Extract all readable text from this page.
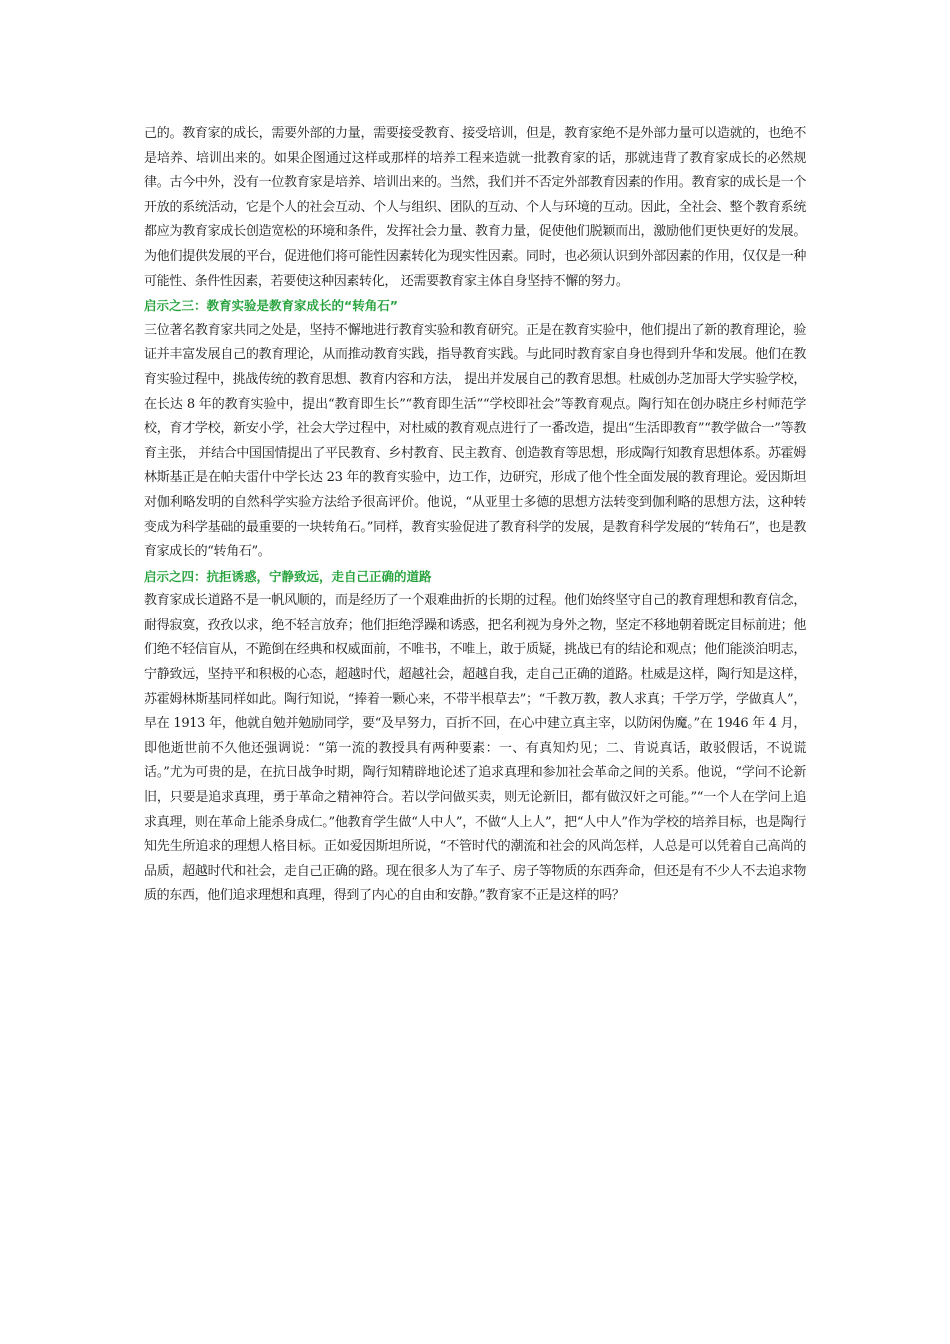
己的。教育家的成长，需要外部的力量，需要接受教育、接受培训，但是，教育家绝不是外部力量可以造就的，也绝不是培养、培训出来的。如果企图通过这样或那样的培养工程来造就一批教育家的话，那就违背了教育家成长的必然规律。古今中外，没有一位教育家是培养、培训出来的。当然，我们并不否定外部教育因素的作用。教育家的成长是一个开放的系统活动，它是个人的社会互动、个人与组织、团队的互动、个人与环境的互动。因此，全社会、整个教育系统都应为教育家成长创造宽松的环境和条件，发挥社会力量、教育力量，促使他们脱颖而出，激励他们更快更好的发展。为他们提供发展的平台，促进他们将可能性因素转化为现实性因素。同时，也必须认识到外部因素的作用，仅仅是一种可能性、条件性因素，若要使这种因素转化， 还需要教育家主体自身坚持不懈的努力。

启示之三：教育实验是教育家成长的“转角石”

三位著名教育家共同之处是，坚持不懈地进行教育实验和教育研究。正是在教育实验中，他们提出了新的教育理论，验证并丰富发展自己的教育理论，从而推动教育实践，指导教育实践。与此同时教育家自身也得到升华和发展。他们在教育实验过程中，挑战传统的教育思想、教育内容和方法， 提出并发展自己的教育思想。杜威创办芝加哥大学实验学校，在长达 8 年的教育实验中，提出“教育即生长”“教育即生活”“学校即社会”等教育观点。陶行知在创办晓庄乡村师范学校，育才学校，新安小学，社会大学过程中，对杜威的教育观点进行了一番改造，提出“生活即教育”“教学做合一”等教育主张， 并结合中国国情提出了平民教育、乡村教育、民主教育、创造教育等思想，形成陶行知教育思想体系。苏霍姆林斯基正是在帕夫雷什中学长达 23 年的教育实验中，边工作，边研究，形成了他个性全面发展的教育理论。爱因斯坦对伽利略发明的自然科学实验方法给予很高评价。他说，“从亚里士多德的思想方法转变到伽利略的思想方法，这种转变成为科学基础的最重要的一块转角石。”同样，教育实验促进了教育科学的发展，是教育科学发展的“转角石”，也是教育家成长的“转角石”。

启示之四：抗拒诱惑，宁静致远，走自己正确的道路

教育家成长道路不是一帆风顺的，而是经历了一个艰难曲折的长期的过程。他们始终坚守自己的教育理想和教育信念，耐得寂寞，孜孜以求，绝不轻言放弃；他们拒绝浮躁和诱惑，把名利视为身外之物，坚定不移地朝着既定目标前进；他们绝不轻信盲从，不跪倒在经典和权威面前，不唯书，不唯上，敢于质疑，挑战已有的结论和观点；他们能淡泊明志，宁静致远，坚持平和积极的心态，超越时代，超越社会，超越自我，走自己正确的道路。杜威是这样，陶行知是这样，苏霍姆林斯基同样如此。陶行知说，“捧着一颗心来，不带半根草去”；“千教万教，教人求真；千学万学，学做真人”，早在 1913 年，他就自勉并勉励同学，要“及早努力，百折不回，在心中建立真主宰，以防闲伪魔。”在 1946 年 4 月，即他逝世前不久他还强调说：“第一流的教授具有两种要素：一、有真知灼见；二、肯说真话，敢驳假话，不说谎话。”尤为可贵的是，在抗日战争时期，陶行知精辟地论述了追求真理和参加社会革命之间的关系。他说，“学问不论新旧，只要是追求真理，勇于革命之精神符合。若以学问做买卖，则无论新旧，都有做汉奸之可能。”“一个人在学问上追求真理，则在革命上能杀身成仁。”他教育学生做“人中人”，不做“人上人”，把“人中人”作为学校的培养目标，也是陶行知先生所追求的理想人格目标。正如爱因斯坦所说，“不管时代的潮流和社会的风尚怎样，人总是可以凭着自己高尚的品质，超越时代和社会，走自己正确的路。现在很多人为了车子、房子等物质的东西奔命，但还是有不少人不去追求物质的东西，他们追求理想和真理，得到了内心的自由和安静。”教育家不正是这样的吗？
